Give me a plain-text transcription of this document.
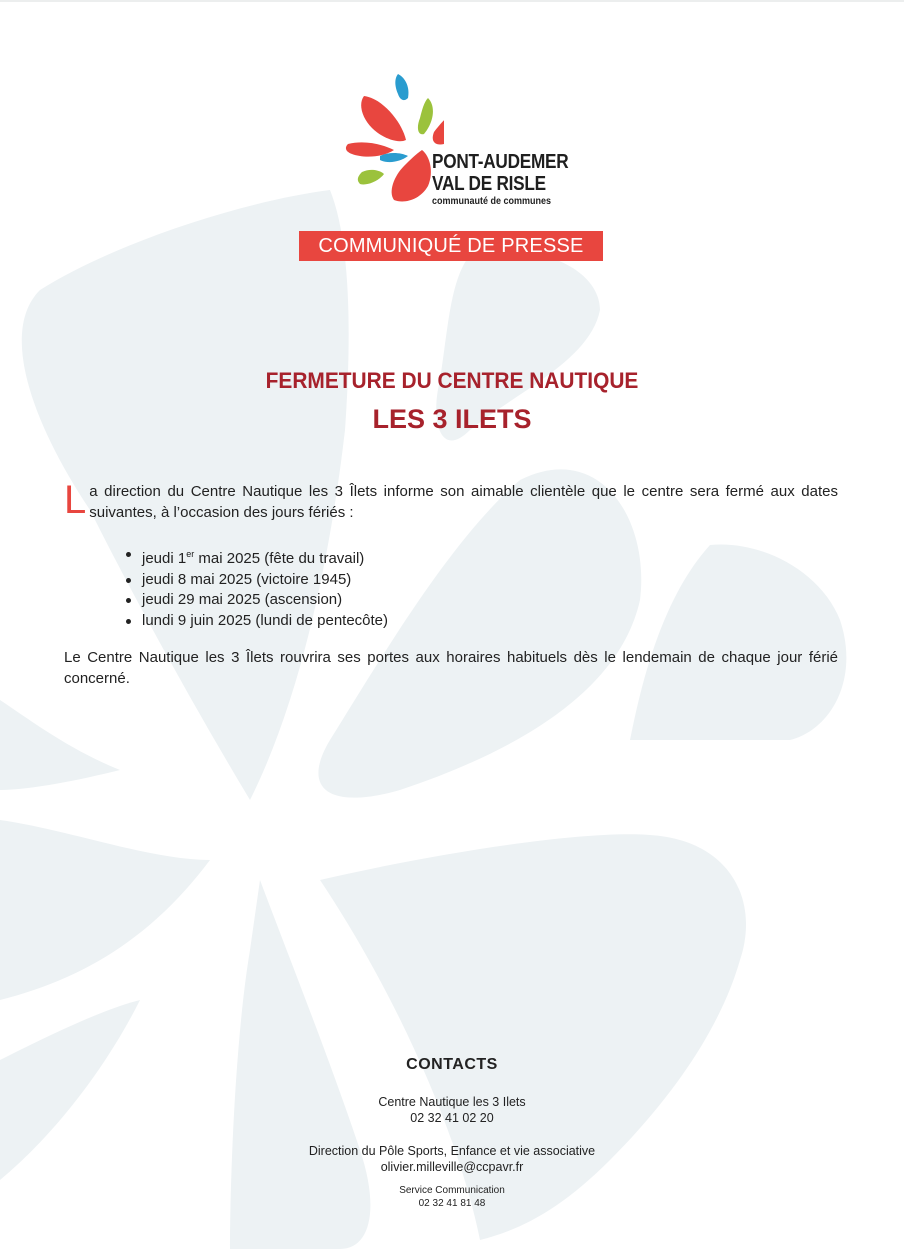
PONT-AUDEMER
VAL DE RISLE
communauté de communes
COMMUNIQUÉ DE PRESSE
FERMETURE DU CENTRE NAUTIQUE
LES 3 ILETS
L a direction du Centre Nautique les 3 Îlets informe son aimable clientèle que le centre sera fermé aux dates suivantes, à l’occasion des jours fériés :
jeudi 1er mai 2025 (fête du travail)
jeudi 8 mai 2025 (victoire 1945)
jeudi 29 mai 2025 (ascension)
lundi 9 juin 2025 (lundi de pentecôte)
Le Centre Nautique les 3 Îlets rouvrira ses portes aux horaires habituels dès le lendemain de chaque jour férié concerné.
CONTACTS
Centre Nautique les 3 Ilets
02 32 41 02 20
Direction du Pôle Sports, Enfance et vie associative
olivier.milleville@ccpavr.fr
Service Communication
02 32 41 81 48
